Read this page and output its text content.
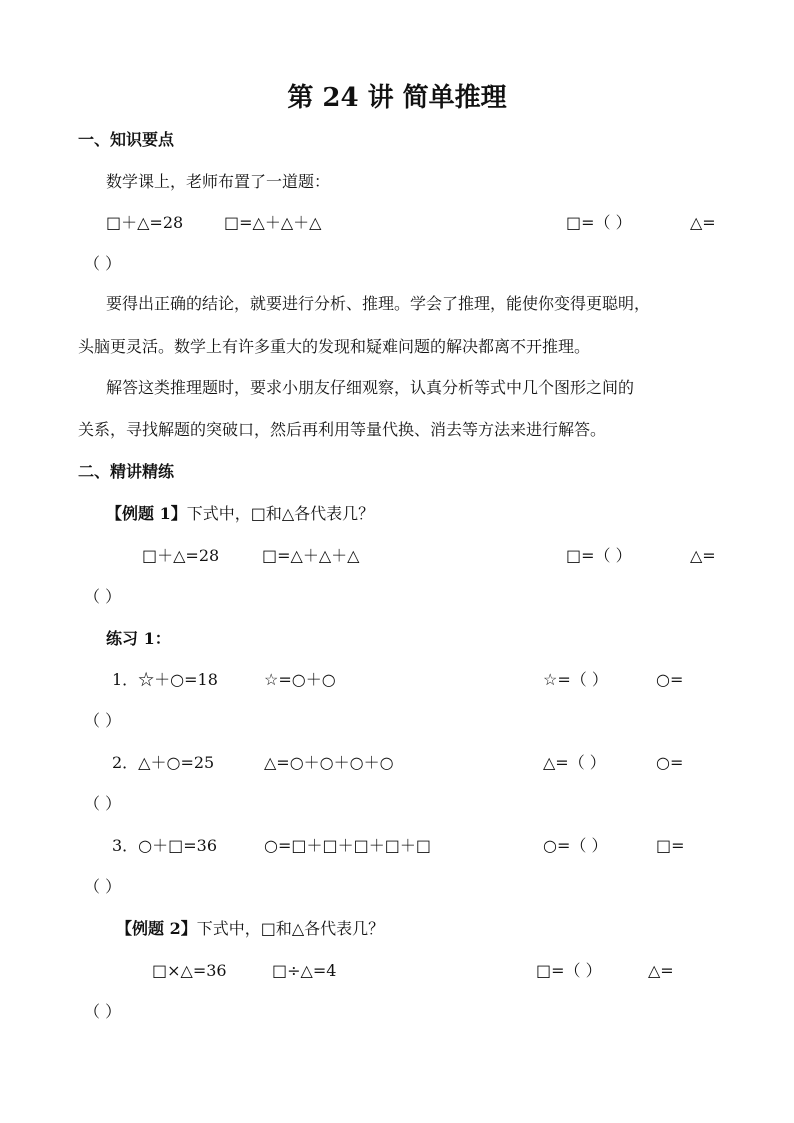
第 24 讲 简单推理
一、知识要点
数学课上，老师布置了一道题：
□＋△=28	□=△＋△＋△	□=（ ）	△=
（ ）
要得出正确的结论，就要进行分析、推理。学会了推理，能使你变得更聪明，
头脑更灵活。数学上有许多重大的发现和疑难问题的解决都离不开推理。
解答这类推理题时，要求小朋友仔细观察，认真分析等式中几个图形之间的
关系，寻找解题的突破口，然后再利用等量代换、消去等方法来进行解答。
二、精讲精练
【例题 1】下式中，□和△各代表几？
□＋△=28	□=△＋△＋△	□=（ ）	△=
（ ）
练习 1：
1．☆＋○=18	☆=○＋○	☆=（ ）	○=
（ ）
2．△＋○=25	△=○＋○＋○＋○	△=（ ）	○=
（ ）
3．○＋□=36	○=□＋□＋□＋□＋□	○=（ ）	□=
（ ）
【例题 2】下式中，□和△各代表几？
□×△=36	□÷△=4	□=（ ）	△=
（ ）
